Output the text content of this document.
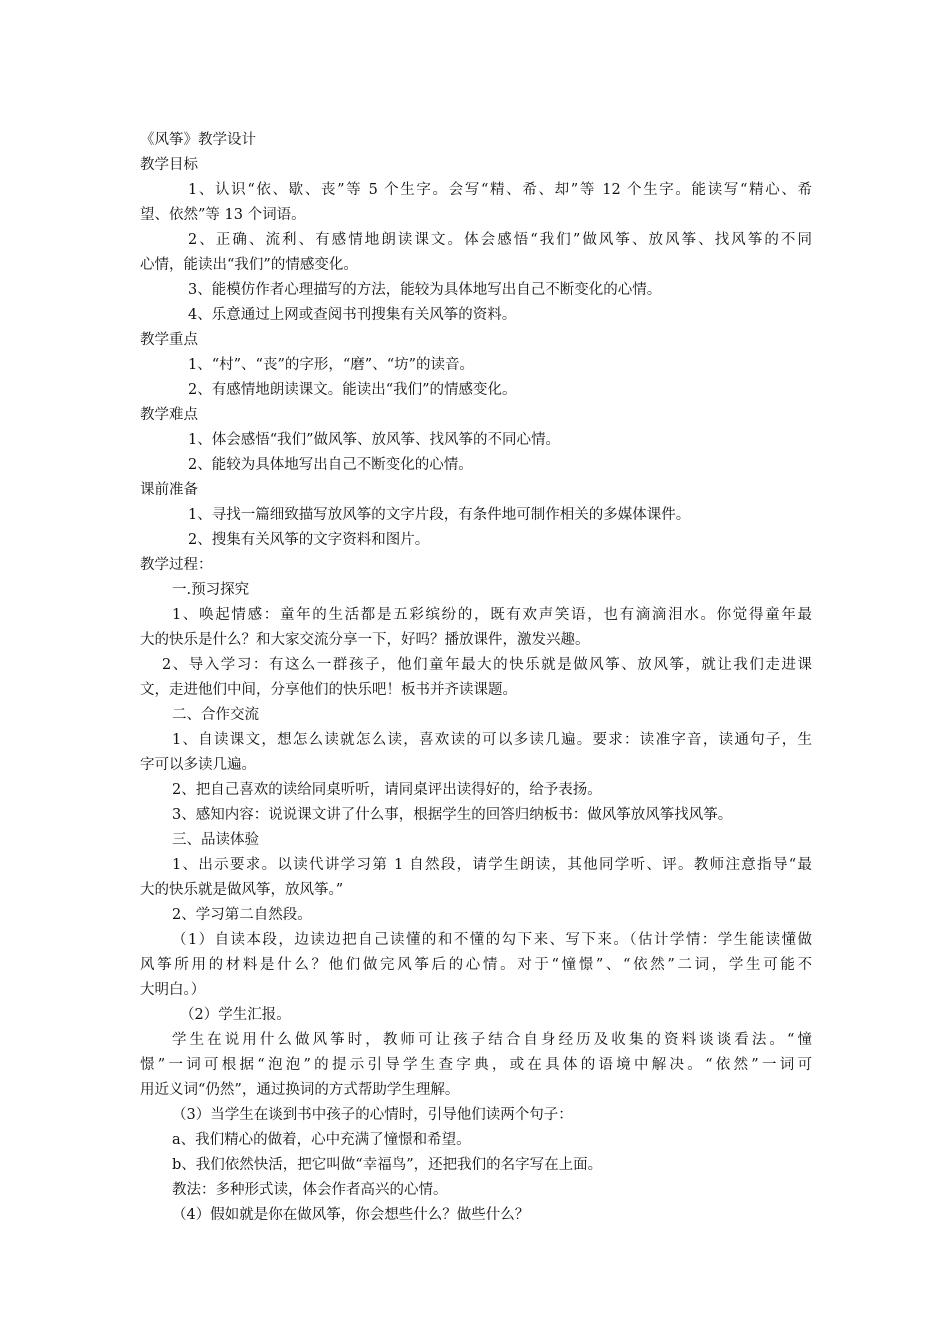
《风筝》教学设计
教学目标
1、认识“依、歇、丧”等 5 个生字。会写“精、希、却”等 12 个生字。能读写“精心、希
望、依然”等 13 个词语。
2、正确、流利、有感情地朗读课文。体会感悟“我们”做风筝、放风筝、找风筝的不同
心情，能读出“我们”的情感变化。
3、能模仿作者心理描写的方法，能较为具体地写出自己不断变化的心情。
4、乐意通过上网或查阅书刊搜集有关风筝的资料。
教学重点
1、“村”、“丧”的字形，“磨”、“坊”的读音。
2、有感情地朗读课文。能读出“我们”的情感变化。
教学难点
1、体会感悟“我们”做风筝、放风筝、找风筝的不同心情。
2、能较为具体地写出自己不断变化的心情。
课前准备
1、寻找一篇细致描写放风筝的文字片段，有条件地可制作相关的多媒体课件。
2、搜集有关风筝的文字资料和图片。
教学过程：
一.预习探究
1、唤起情感：童年的生活都是五彩缤纷的，既有欢声笑语，也有滴滴泪水。你觉得童年最
大的快乐是什么？和大家交流分享一下，好吗？播放课件，激发兴趣。
2、导入学习：有这么一群孩子，他们童年最大的快乐就是做风筝、放风筝，就让我们走进课
文，走进他们中间，分享他们的快乐吧！板书并齐读课题。
二、合作交流
1、自读课文，想怎么读就怎么读，喜欢读的可以多读几遍。要求：读准字音，读通句子，生
字可以多读几遍。
2、把自己喜欢的读给同桌听听，请同桌评出读得好的，给予表扬。
3、感知内容：说说课文讲了什么事，根据学生的回答归纳板书：做风筝放风筝找风筝。
三、品读体验
1、出示要求。以读代讲学习第 1 自然段，请学生朗读，其他同学听、评。教师注意指导“最
大的快乐就是做风筝，放风筝。”
2、学习第二自然段。
（1）自读本段，边读边把自己读懂的和不懂的勾下来、写下来。（估计学情：学生能读懂做
风筝所用的材料是什么？他们做完风筝后的心情。对于“憧憬”、“依然”二词，学生可能不
大明白。）
（2）学生汇报。
学生在说用什么做风筝时，教师可让孩子结合自身经历及收集的资料谈谈看法。“憧
憬”一词可根据“泡泡”的提示引导学生查字典，或在具体的语境中解决。“依然”一词可
用近义词“仍然”，通过换词的方式帮助学生理解。
（3）当学生在谈到书中孩子的心情时，引导他们读两个句子：
a、我们精心的做着，心中充满了憧憬和希望。
b、我们依然快活，把它叫做“幸福鸟”，还把我们的名字写在上面。
教法：多种形式读，体会作者高兴的心情。
（4）假如就是你在做风筝，你会想些什么？做些什么？
